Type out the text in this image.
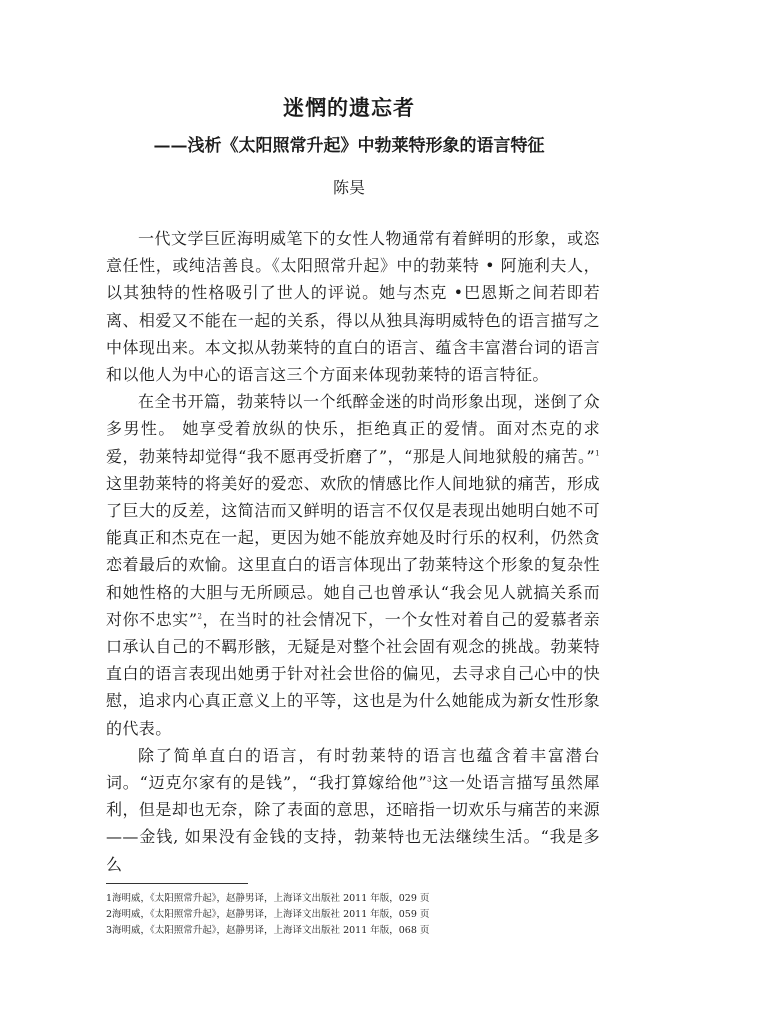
迷惘的遗忘者
——浅析《太阳照常升起》中勃莱特形象的语言特征
陈昊

一代文学巨匠海明威笔下的女性人物通常有着鲜明的形象，或恣意任性，或纯洁善良。《太阳照常升起》中的勃莱特 • 阿施利夫人，以其独特的性格吸引了世人的评说。她与杰克 •巴恩斯之间若即若离、相爱又不能在一起的关系，得以从独具海明威特色的语言描写之中体现出来。本文拟从勃莱特的直白的语言、蕴含丰富潜台词的语言和以他人为中心的语言这三个方面来体现勃莱特的语言特征。

在全书开篇，勃莱特以一个纸醉金迷的时尚形象出现，迷倒了众多男性。 她享受着放纵的快乐，拒绝真正的爱情。面对杰克的求爱，勃莱特却觉得“我不愿再受折磨了”，“那是人间地狱般的痛苦。”$^1$这里勃莱特的将美好的爱恋、欢欣的情感比作人间地狱的痛苦，形成了巨大的反差，这简洁而又鲜明的语言不仅仅是表现出她明白她不可能真正和杰克在一起，更因为她不能放弃她及时行乐的权利，仍然贪恋着最后的欢愉。这里直白的语言体现出了勃莱特这个形象的复杂性和她性格的大胆与无所顾忌。她自己也曾承认“我会见人就搞关系而对你不忠实”$^2$，在当时的社会情况下，一个女性对着自己的爱慕者亲口承认自己的不羁形骸，无疑是对整个社会固有观念的挑战。勃莱特直白的语言表现出她勇于针对社会世俗的偏见，去寻求自己心中的快慰，追求内心真正意义上的平等，这也是为什么她能成为新女性形象的代表。

除了简单直白的语言，有时勃莱特的语言也蕴含着丰富潜台词。“迈克尔家有的是钱”，“我打算嫁给他”$^3$这一处语言描写虽然犀利，但是却也无奈，除了表面的意思，还暗指一切欢乐与痛苦的来源——金钱, 如果没有金钱的支持，勃莱特也无法继续生活。“我是多么

1海明威，《太阳照常升起》，赵静男译，上海译文出版社 2011 年版，029 页

2海明威，《太阳照常升起》，赵静男译，上海译文出版社 2011 年版，059 页

3海明威，《太阳照常升起》，赵静男译，上海译文出版社 2011 年版，068 页
